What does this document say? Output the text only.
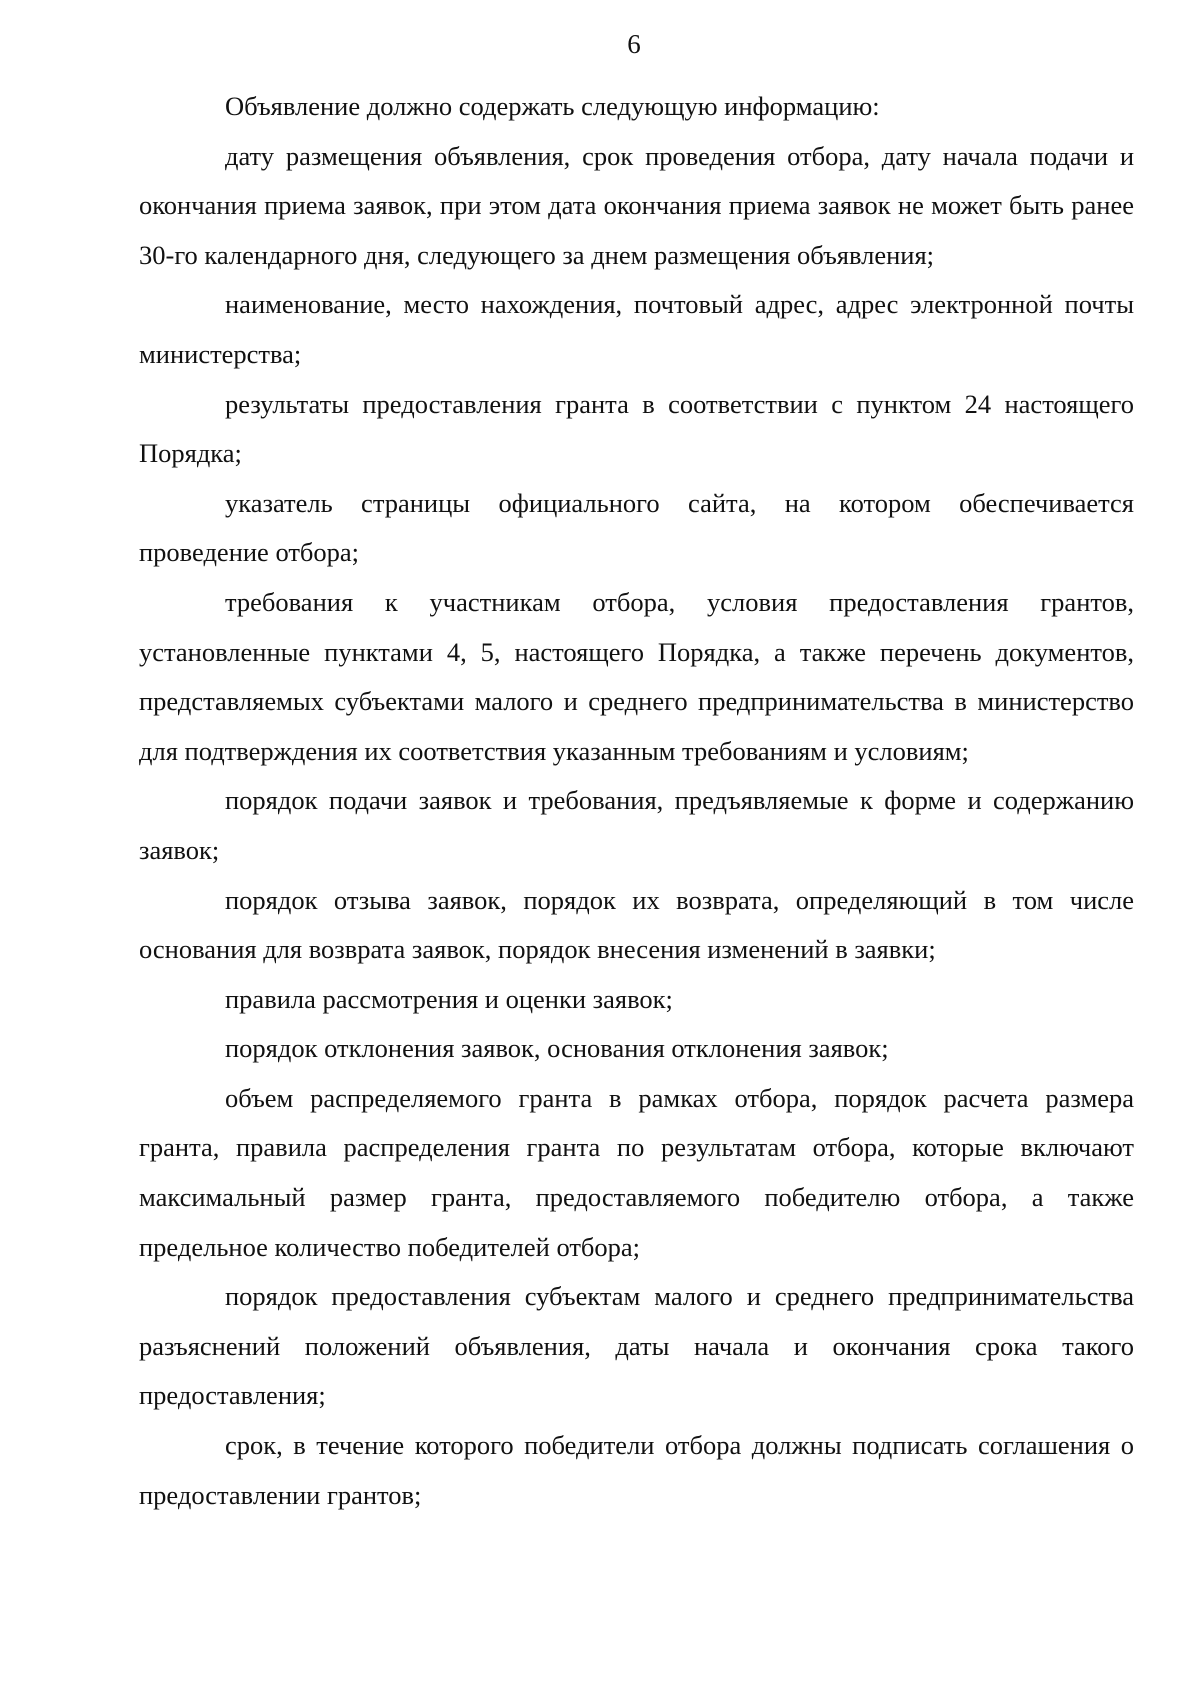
6

Объявление должно содержать следующую информацию:

дату размещения объявления, срок проведения отбора, дату начала подачи и окончания приема заявок, при этом дата окончания приема заявок не может быть ранее 30-го календарного дня, следующего за днем размещения объявления;

наименование, место нахождения, почтовый адрес, адрес электронной почты министерства;

результаты предоставления гранта в соответствии с пунктом 24 настоящего Порядка;

указатель страницы официального сайта, на котором обеспечивается проведение отбора;

требования к участникам отбора, условия предоставления грантов, установленные пунктами 4, 5, настоящего Порядка, а также перечень документов, представляемых субъектами малого и среднего предпринимательства в министерство для подтверждения их соответствия указанным требованиям и условиям;

порядок подачи заявок и требования, предъявляемые к форме и содержанию заявок;

порядок отзыва заявок, порядок их возврата, определяющий в том числе основания для возврата заявок, порядок внесения изменений в заявки;

правила рассмотрения и оценки заявок;

порядок отклонения заявок, основания отклонения заявок;

объем распределяемого гранта в рамках отбора, порядок расчета размера гранта, правила распределения гранта по результатам отбора, которые включают максимальный размер гранта, предоставляемого победителю отбора, а также предельное количество победителей отбора;

порядок предоставления субъектам малого и среднего предпринимательства разъяснений положений объявления, даты начала и окончания срока такого предоставления;

срок, в течение которого победители отбора должны подписать соглашения о предоставлении грантов;
